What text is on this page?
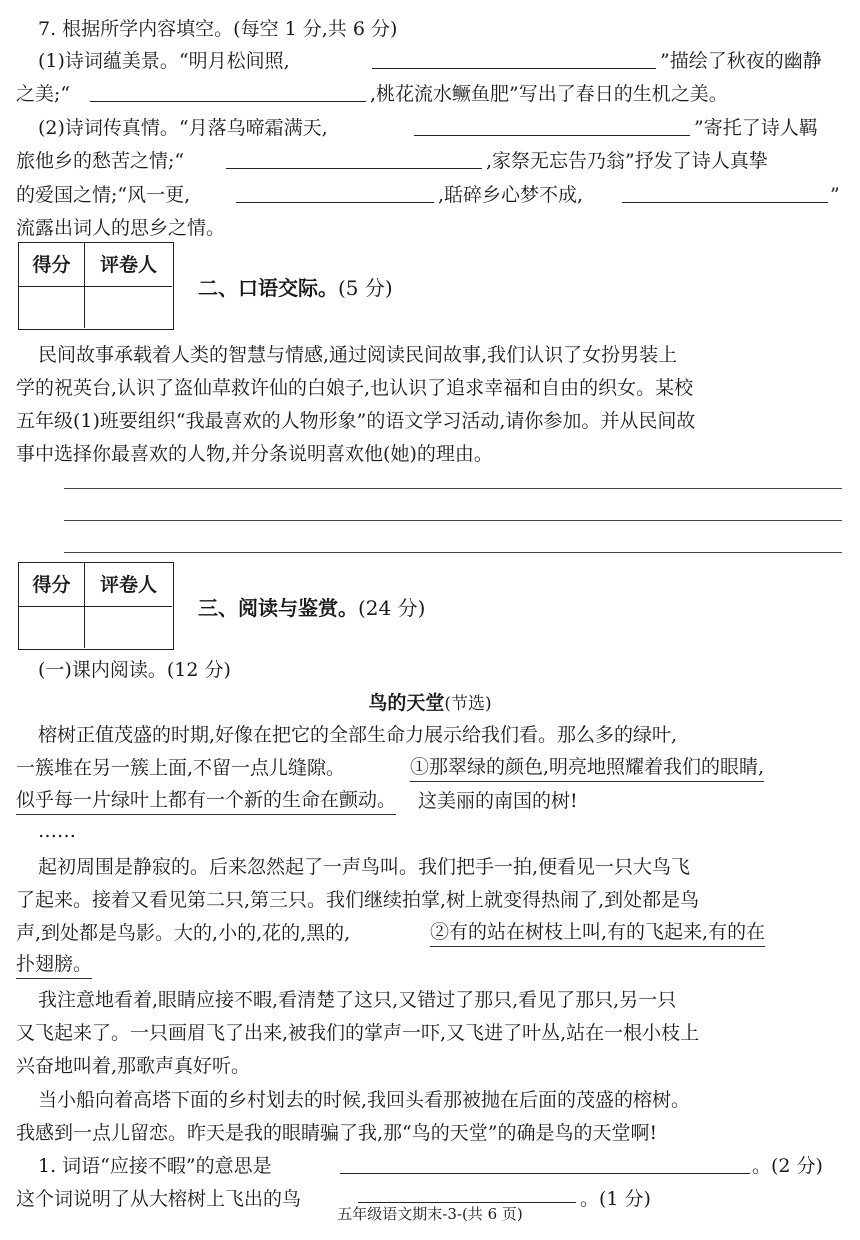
7. 根据所学内容填空。(每空 1 分,共 6 分)
(1)诗词蕴美景。“明月松间照,	”描绘了秋夜的幽静
之美;“	,桃花流水鳜鱼肥”写出了春日的生机之美。
(2)诗词传真情。“月落乌啼霜满天,	”寄托了诗人羁
旅他乡的愁苦之情;“	,家祭无忘告乃翁”抒发了诗人真挚
的爱国之情;“风一更,	,聒碎乡心梦不成,	”
流露出词人的思乡之情。
得分	评卷人
二、口语交际。(5 分)
民间故事承载着人类的智慧与情感,通过阅读民间故事,我们认识了女扮男装上
学的祝英台,认识了盗仙草救许仙的白娘子,也认识了追求幸福和自由的织女。某校
五年级(1)班要组织“我最喜欢的人物形象”的语文学习活动,请你参加。并从民间故
事中选择你最喜欢的人物,并分条说明喜欢他(她)的理由。
得分	评卷人
三、阅读与鉴赏。(24 分)
(一)课内阅读。(12 分)
鸟的天堂(节选)
榕树正值茂盛的时期,好像在把它的全部生命力展示给我们看。那么多的绿叶,
一簇堆在另一簇上面,不留一点儿缝隙。	①那翠绿的颜色,明亮地照耀着我们的眼睛,
似乎每一片绿叶上都有一个新的生命在颤动。 这美丽的南国的树!
……
起初周围是静寂的。后来忽然起了一声鸟叫。我们把手一拍,便看见一只大鸟飞
了起来。接着又看见第二只,第三只。我们继续拍掌,树上就变得热闹了,到处都是鸟
声,到处都是鸟影。大的,小的,花的,黑的,	②有的站在树枝上叫,有的飞起来,有的在
扑翅膀。
我注意地看着,眼睛应接不暇,看清楚了这只,又错过了那只,看见了那只,另一只
又飞起来了。一只画眉飞了出来,被我们的掌声一吓,又飞进了叶丛,站在一根小枝上
兴奋地叫着,那歌声真好听。
当小船向着高塔下面的乡村划去的时候,我回头看那被抛在后面的茂盛的榕树。
我感到一点儿留恋。昨天是我的眼睛骗了我,那“鸟的天堂”的确是鸟的天堂啊!
1. 词语“应接不暇”的意思是	。(2 分)
这个词说明了从大榕树上飞出的鸟	。(1 分)
五年级语文期末-3-(共 6 页)
